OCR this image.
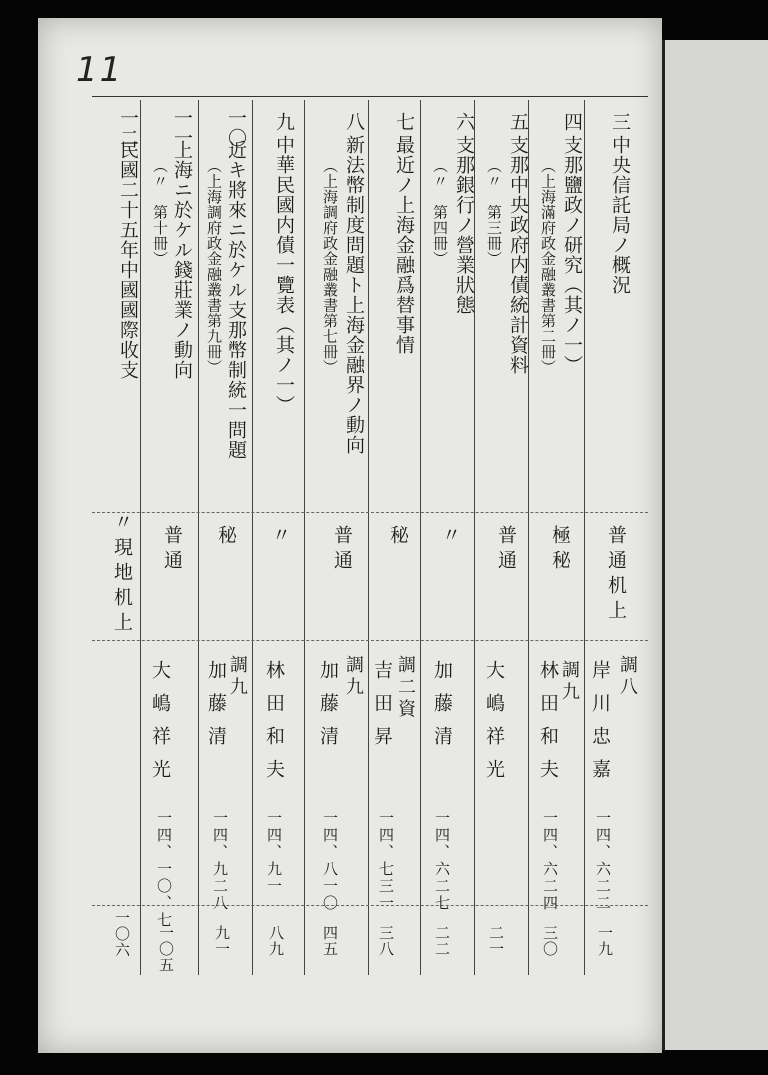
11
三
中央信託局ノ概況
普通机上
調八
岸川忠嘉
一四、六二二
一九
四
支那鹽政ノ研究（其ノ一）
（上海滿府政金融叢書第二冊）
極秘
調九
林田和夫
一四、六二四
三〇
五
支那中央政府内債統計資料
（〃　第三冊）
普通
大嶋祥光
二一
六
支那銀行ノ營業狀態
（〃　第四冊）
〃
加藤清
一四、六二七
二二
七
最近ノ上海金融爲替事情
秘
調二資
吉田昇
一四、七三一
三八
八
新法幣制度問題ト上海金融界ノ動向
（上海調府政金融叢書第七冊）
普通
調九
加藤清
一四、八一〇
四五
九
中華民國内債一覽表（其ノ一）
〃
林田和夫
一四、九一
八九
一〇
近キ將來ニ於ケル支那幣制統一問題
（上海調府政金融叢書第九冊）
秘
調九
加藤清
一四、九二八
九一
一一
上海ニ於ケル錢莊業ノ動向
（〃　第十冊）
普通
大嶋祥光
一四、一〇、七
一〇五
一二
民國二十五年中國國際收支
〃現地机上
一〇六
